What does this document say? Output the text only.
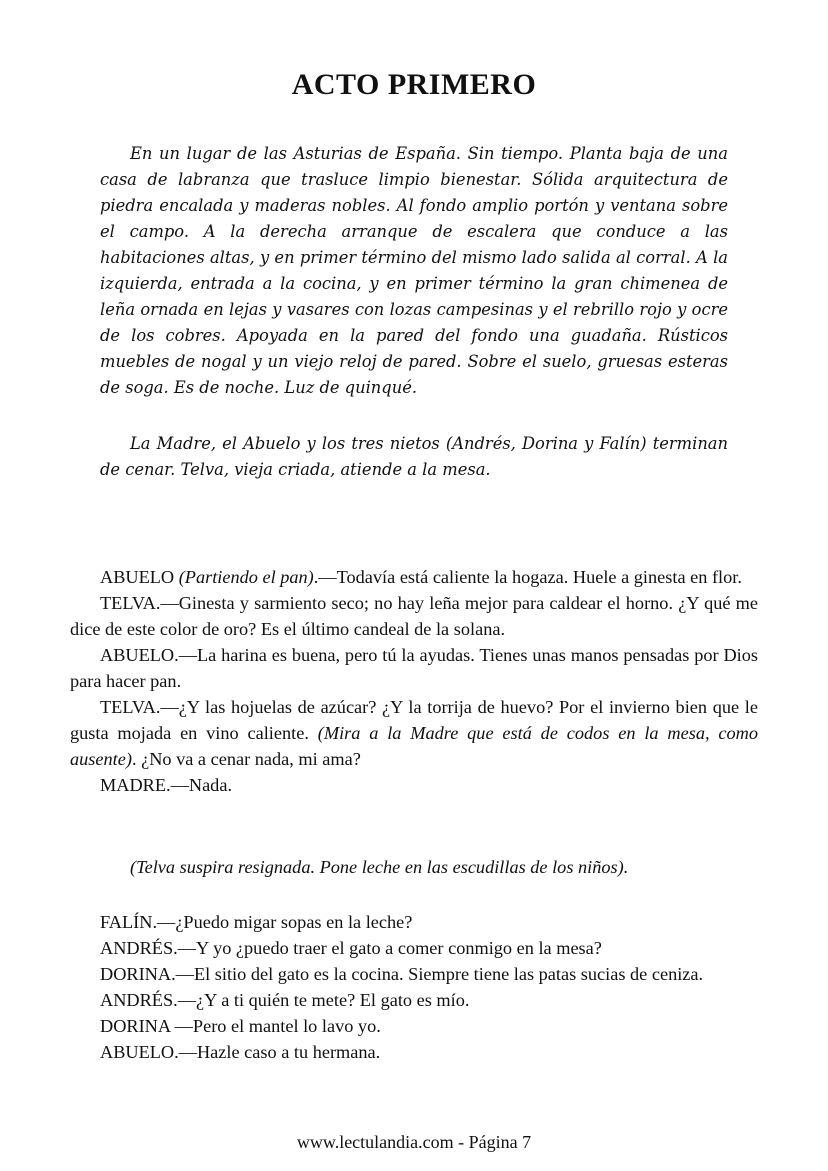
ACTO PRIMERO

En un lugar de las Asturias de España. Sin tiempo. Planta baja de una casa de labranza que trasluce limpio bienestar. Sólida arquitectura de piedra encalada y maderas nobles. Al fondo amplio portón y ventana sobre el campo. A la derecha arranque de escalera que conduce a las habitaciones altas, y en primer término del mismo lado salida al corral. A la izquierda, entrada a la cocina, y en primer término la gran chimenea de leña ornada en lejas y vasares con lozas campesinas y el rebrillo rojo y ocre de los cobres. Apoyada en la pared del fondo una guadaña. Rústicos muebles de nogal y un viejo reloj de pared. Sobre el suelo, gruesas esteras de soga. Es de noche. Luz de quinqué.

La Madre, el Abuelo y los tres nietos (Andrés, Dorina y Falín) terminan de cenar. Telva, vieja criada, atiende a la mesa.

ABUELO (Partiendo el pan).—Todavía está caliente la hogaza. Huele a ginesta en flor.

TELVA.—Ginesta y sarmiento seco; no hay leña mejor para caldear el horno. ¿Y qué me dice de este color de oro? Es el último candeal de la solana.

ABUELO.—La harina es buena, pero tú la ayudas. Tienes unas manos pensadas por Dios para hacer pan.

TELVA.—¿Y las hojuelas de azúcar? ¿Y la torrija de huevo? Por el invierno bien que le gusta mojada en vino caliente. (Mira a la Madre que está de codos en la mesa, como ausente). ¿No va a cenar nada, mi ama?

MADRE.—Nada.

(Telva suspira resignada. Pone leche en las escudillas de los niños).

FALÍN.—¿Puedo migar sopas en la leche?

ANDRÉS.—Y yo ¿puedo traer el gato a comer conmigo en la mesa?

DORINA.—El sitio del gato es la cocina. Siempre tiene las patas sucias de ceniza.

ANDRÉS.—¿Y a ti quién te mete? El gato es mío.

DORINA —Pero el mantel lo lavo yo.

ABUELO.—Hazle caso a tu hermana.

www.lectulandia.com - Página 7
